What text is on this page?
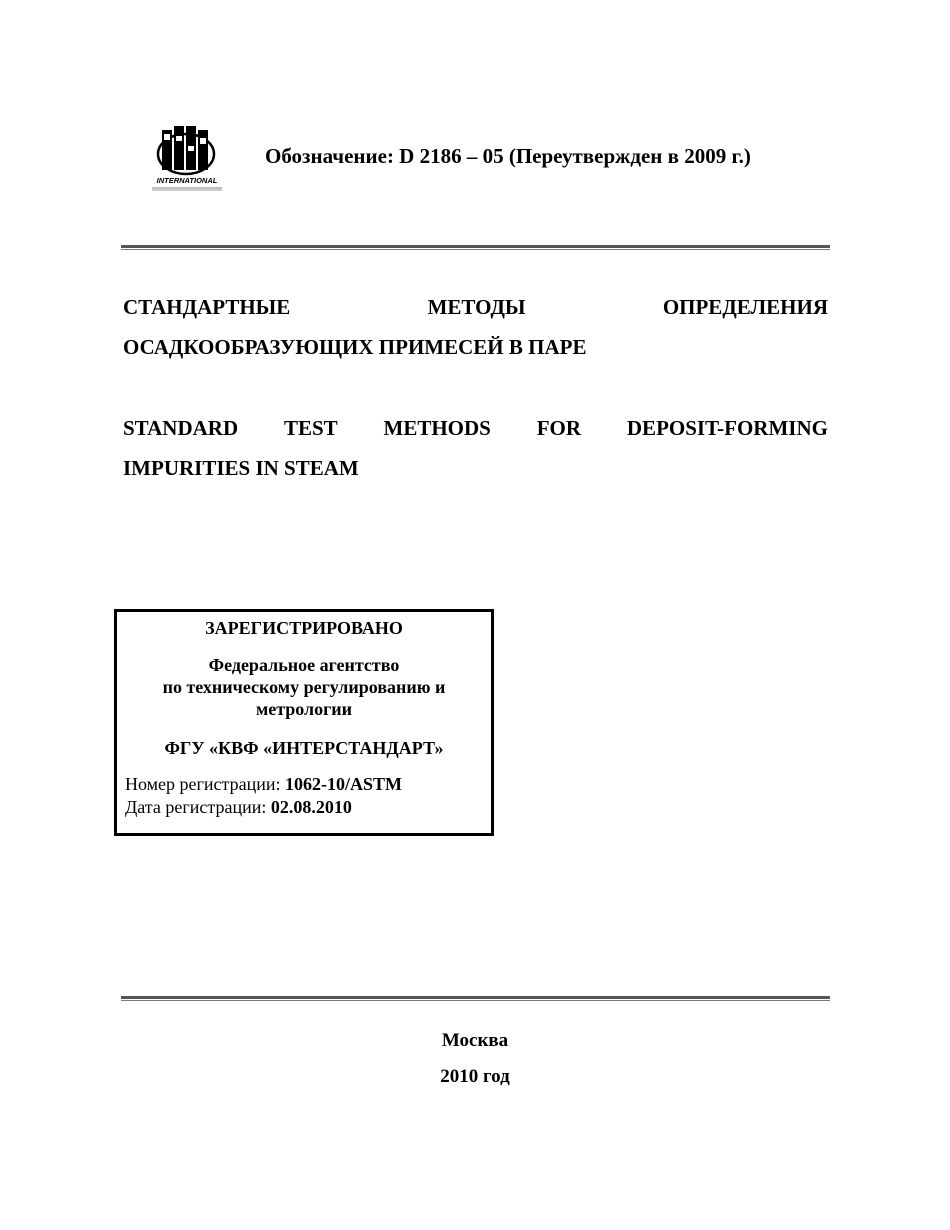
INTERNATIONAL
Обозначение: D 2186 – 05 (Переутвержден в 2009 г.)
СТАНДАРТНЫЕ	МЕТОДЫ	ОПРЕДЕЛЕНИЯ
ОСАДКООБРАЗУЮЩИХ ПРИМЕСЕЙ В ПАРЕ
STANDARD TEST METHODS FOR DEPOSIT-FORMING
IMPURITIES IN STEAM
ЗАРЕГИСТРИРОВАНО
Федеральное агентство
по техническому регулированию и
метрологии
ФГУ «КВФ «ИНТЕРСТАНДАРТ»
Номер регистрации: 1062-10/ASTM
Дата регистрации: 02.08.2010
Москва
2010 год
